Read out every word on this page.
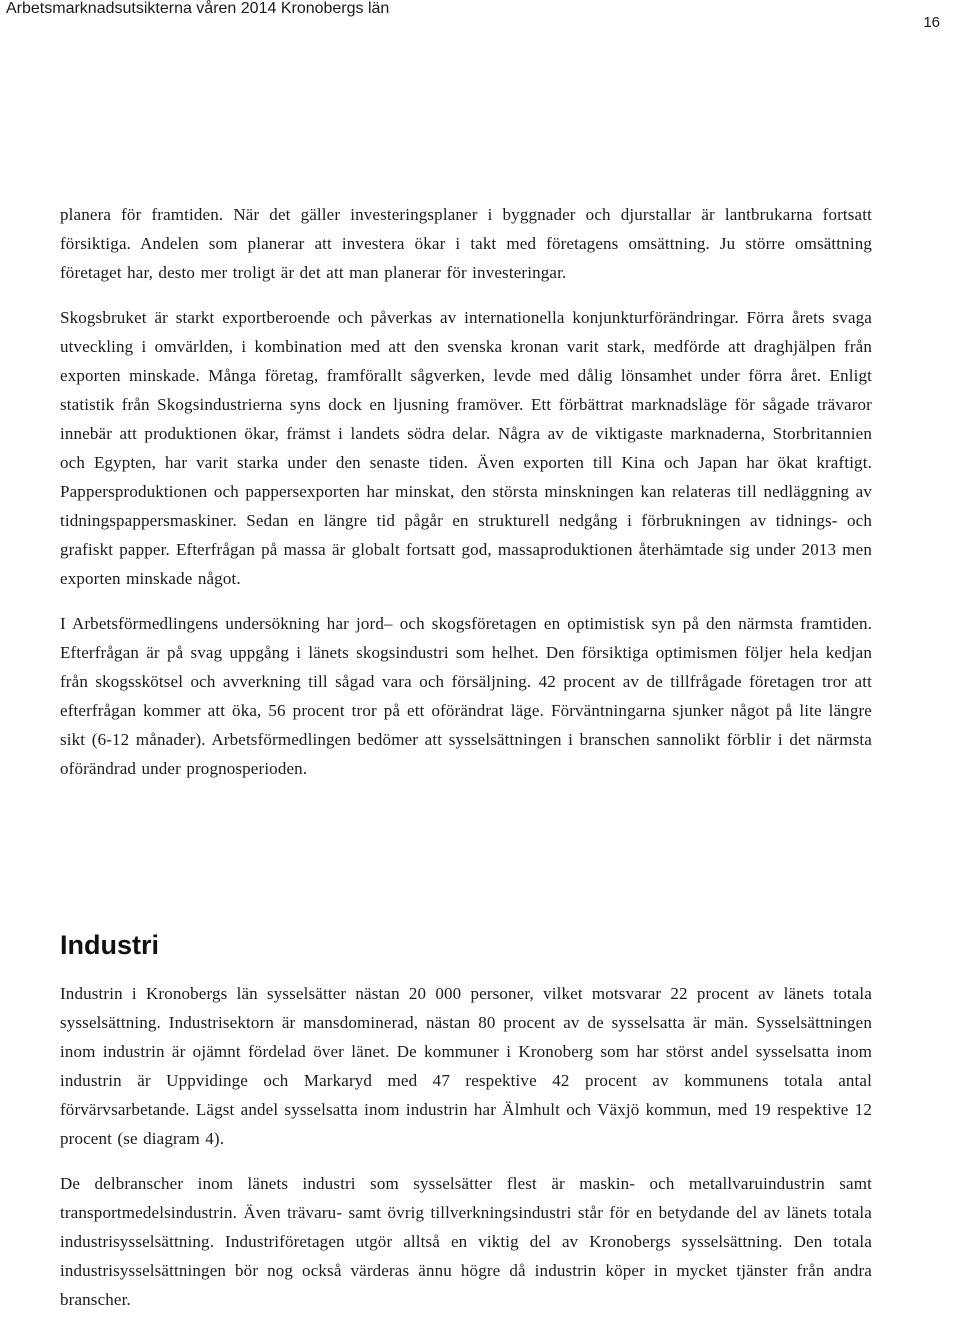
Arbetsmarknadsutsikterna våren 2014 Kronobergs län
16

planera för framtiden. När det gäller investeringsplaner i byggnader och djurstallar är lantbrukarna fortsatt försiktiga. Andelen som planerar att investera ökar i takt med företagens omsättning. Ju större omsättning företaget har, desto mer troligt är det att man planerar för investeringar.

Skogsbruket är starkt exportberoende och påverkas av internationella konjunkturförändringar. Förra årets svaga utveckling i omvärlden, i kombination med att den svenska kronan varit stark, medförde att draghjälpen från exporten minskade. Många företag, framförallt sågverken, levde med dålig lönsamhet under förra året. Enligt statistik från Skogsindustrierna syns dock en ljusning framöver. Ett förbättrat marknadsläge för sågade trävaror innebär att produktionen ökar, främst i landets södra delar. Några av de viktigaste marknaderna, Storbritannien och Egypten, har varit starka under den senaste tiden. Även exporten till Kina och Japan har ökat kraftigt. Pappersproduktionen och pappersexporten har minskat, den största minskningen kan relateras till nedläggning av tidningspappersmaskiner. Sedan en längre tid pågår en strukturell nedgång i förbrukningen av tidnings- och grafiskt papper. Efterfrågan på massa är globalt fortsatt god, massaproduktionen återhämtade sig under 2013 men exporten minskade något.

I Arbetsförmedlingens undersökning har jord– och skogsföretagen en optimistisk syn på den närmsta framtiden. Efterfrågan är på svag uppgång i länets skogsindustri som helhet. Den försiktiga optimismen följer hela kedjan från skogsskötsel och avverkning till sågad vara och försäljning. 42 procent av de tillfrågade företagen tror att efterfrågan kommer att öka, 56 procent tror på ett oförändrat läge. Förväntningarna sjunker något på lite längre sikt (6-12 månader). Arbetsförmedlingen bedömer att sysselsättningen i branschen sannolikt förblir i det närmsta oförändrad under prognosperioden.

Industri

Industrin i Kronobergs län sysselsätter nästan 20 000 personer, vilket motsvarar 22 procent av länets totala sysselsättning. Industrisektorn är mansdominerad, nästan 80 procent av de sysselsatta är män. Sysselsättningen inom industrin är ojämnt fördelad över länet. De kommuner i Kronoberg som har störst andel sysselsatta inom industrin är Uppvidinge och Markaryd med 47 respektive 42 procent av kommunens totala antal förvärvsarbetande. Lägst andel sysselsatta inom industrin har Älmhult och Växjö kommun, med 19 respektive 12 procent (se diagram 4).

De delbranscher inom länets industri som sysselsätter flest är maskin- och metallvaruindustrin samt transportmedelsindustrin. Även trävaru- samt övrig tillverkningsindustri står för en betydande del av länets totala industrisysselsättning. Industriföretagen utgör alltså en viktig del av Kronobergs sysselsättning. Den totala industrisysselsättningen bör nog också värderas ännu högre då industrin köper in mycket tjänster från andra branscher.
